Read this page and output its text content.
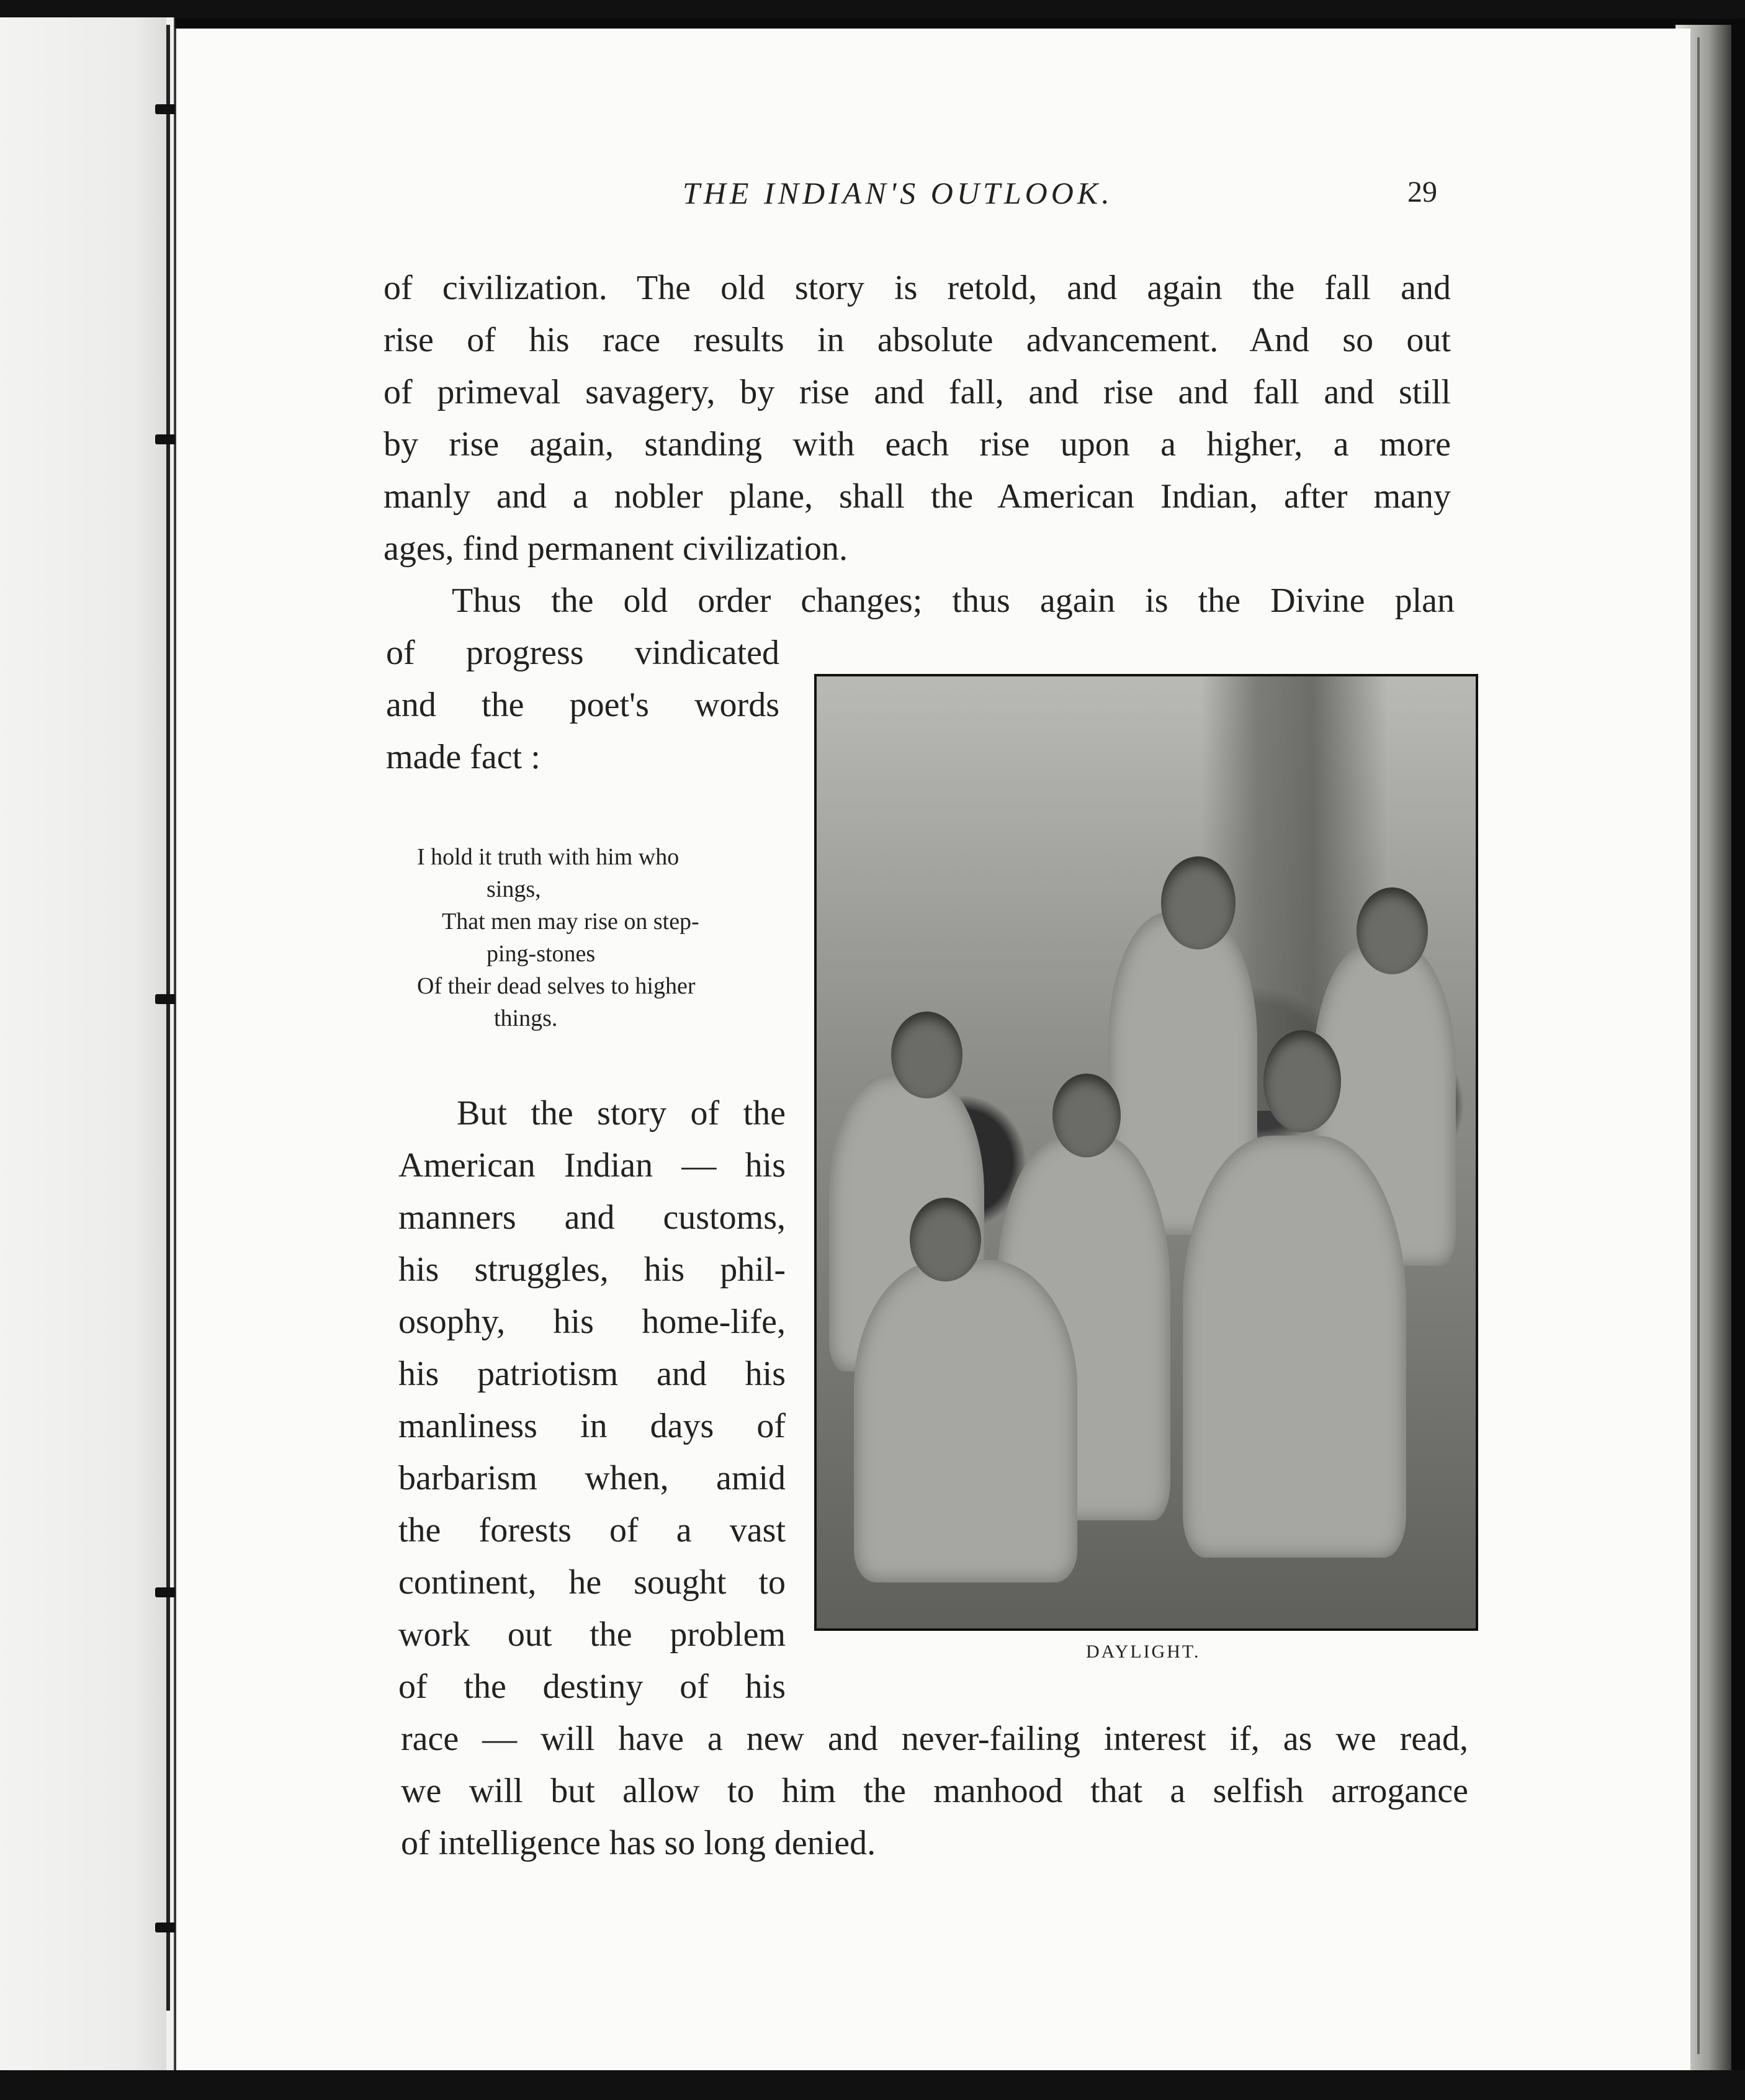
THE INDIAN'S OUTLOOK.	29
of civilization. The old story is retold, and again the fall and
rise of his race results in absolute advancement. And so out
of primeval savagery, by rise and fall, and rise and fall and still
by rise again, standing with each rise upon a higher, a more
manly and a nobler plane, shall the American Indian, after many
ages, find permanent civilization.
Thus the old order changes; thus again is the Divine plan
of progress vindicated
and the poet's words
made fact :
I hold it truth with him who
sings,
That men may rise on step-
ping-stones
Of their dead selves to higher
things.
But the story of the
American Indian — his
manners and customs,
his struggles, his phil-
osophy, his home-life,
his patriotism and his
manliness in days of
barbarism when, amid
the forests of a vast
continent, he sought to
work out the problem
of the destiny of his
race — will have a new and never-failing interest if, as we read,
we will but allow to him the manhood that a selfish arrogance
of intelligence has so long denied.
DAYLIGHT.
